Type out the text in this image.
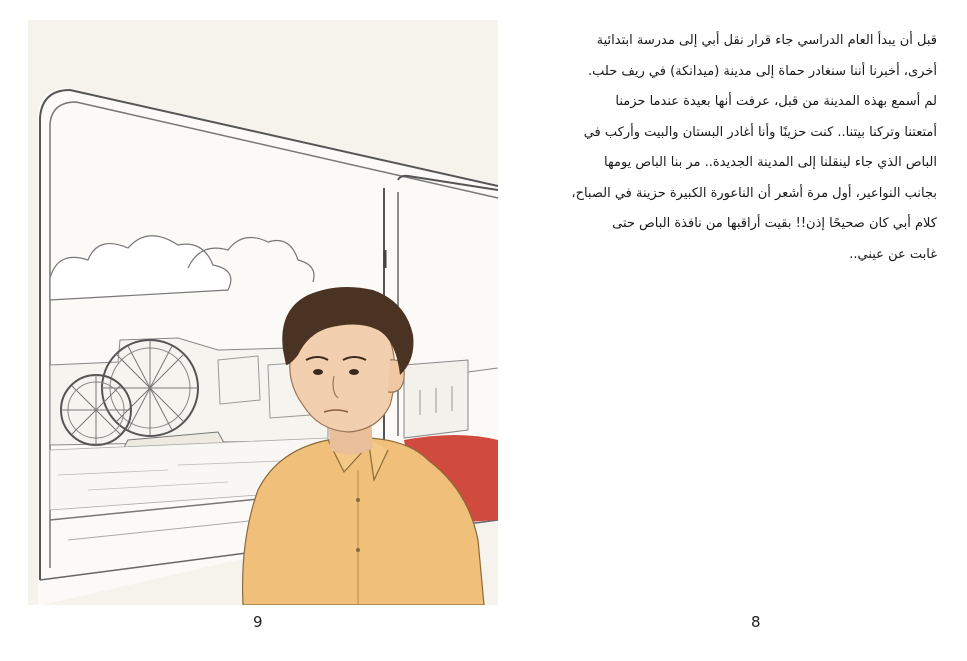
9
قبل أن يبدأ العام الدراسي جاء قرار نقل أبي إلى مدرسة ابتدائية
أخرى، أخبرنا أننا سنغادر حماة إلى مدينة (ميدانكة) في ريف حلب.
لم أسمع بهذه المدينة من قبل، عرفت أنها بعيدة عندما حزمنا
أمتعتنا وتركنا بيتنا.. كنت حزينًا وأنا أغادر البستان والبيت وأركب في
الباص الذي جاء لينقلنا إلى المدينة الجديدة.. مر بنا الباص يومها
بجانب النواعير، أول مرة أشعر أن الناعورة الكبيرة حزينة في الصباح،
كلام أبي كان صحيحًا إذن!! بقيت أراقبها من نافذة الباص حتى
غابت عن عيني..
8
